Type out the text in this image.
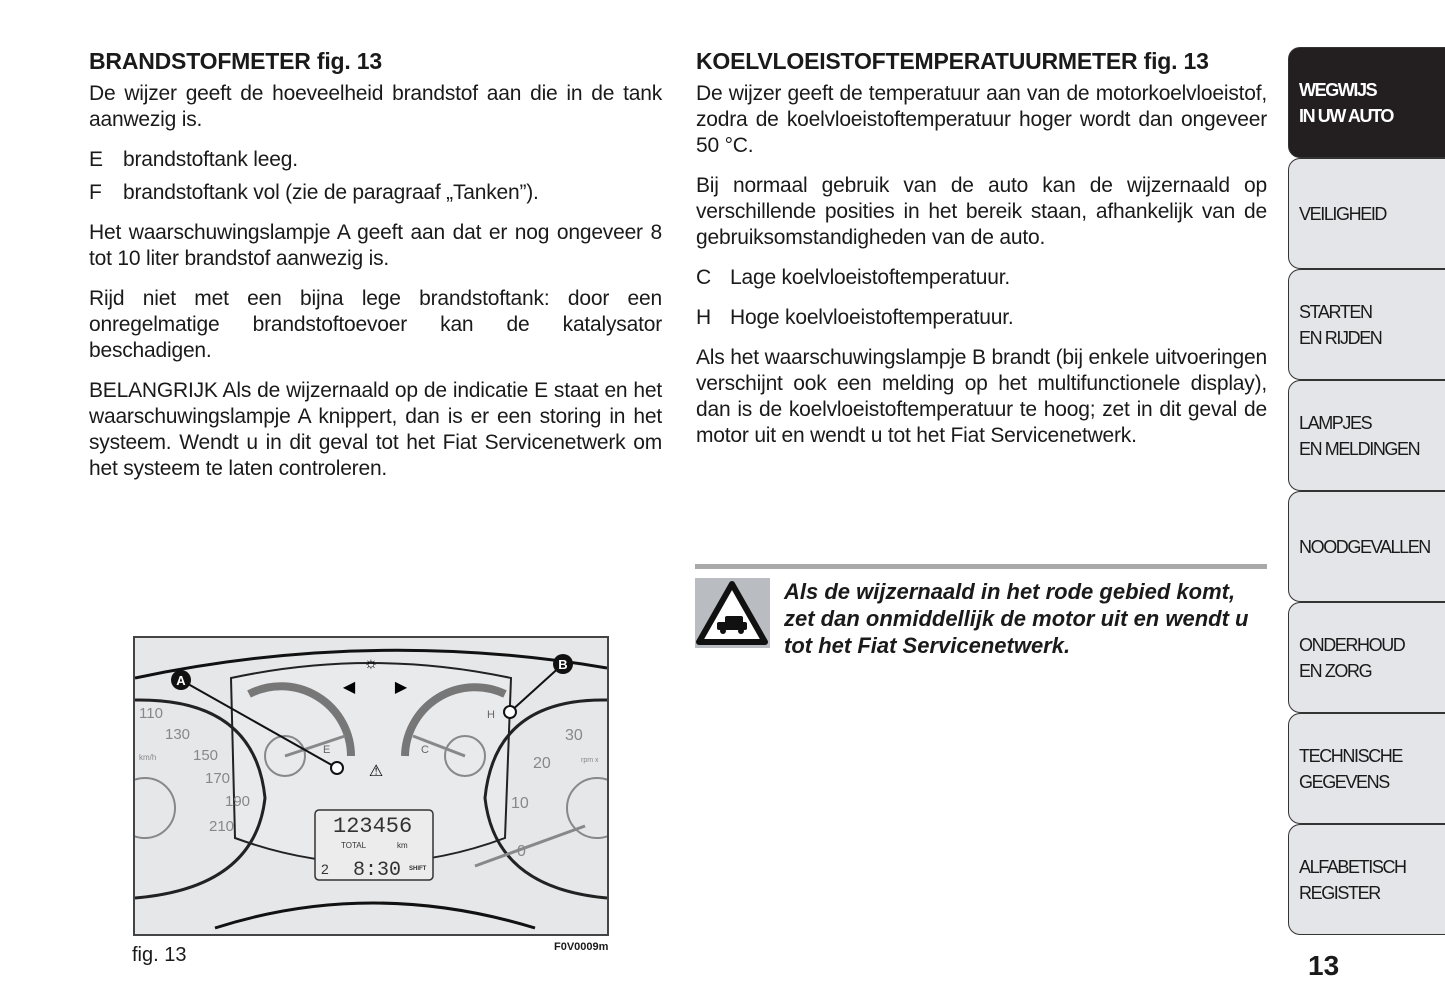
BRANDSTOFMETER fig. 13

De wijzer geeft de hoeveelheid brandstof aan die in de tank aanwezig is.

E brandstoftank leeg.
F	brandstoftank vol (zie de paragraaf „Tanken”).

Het waarschuwingslampje A geeft aan dat er nog ongeveer 8 tot 10 liter brandstof aanwezig is.

Rijd niet met een bijna lege brandstoftank: door een onregelmatige brandstoftoevoer kan de katalysator beschadigen.

BELANGRIJK Als de wijzernaald op de indicatie E staat en het waarschuwingslampje A knippert, dan is er een storing in het systeem. Wendt u in dit geval tot het Fiat Servicenetwerk om het systeem te laten controleren.

KOELVLOEISTOFTEMPERATUURMETER fig. 13

De wijzer geeft de temperatuur aan van de motorkoelvloeistof, zodra de koelvloeistoftemperatuur hoger wordt dan ongeveer 50 °C.

Bij normaal gebruik van de auto kan de wijzernaald op verschillende posities in het bereik staan, afhankelijk van de gebruiksomstandigheden van de auto.

C Lage koelvloeistoftemperatuur.
H Hoge koelvloeistoftemperatuur.

Als het waarschuwingslampje B brandt (bij enkele uitvoeringen verschijnt ook een melding op het multifunctionele display), dan is de koelvloeistoftemperatuur te hoog; zet in dit geval de motor uit en wendt u tot het Fiat Servicenetwerk.

Als de wijzernaald in het rode gebied komt, zet dan onmiddellijk de motor uit en wendt u tot het Fiat Servicenetwerk.
A
B
E	C
H
☼
◀ ▶
⚠
110
130
150
170
190
210
km/h
0
10
20
30
rpm x
123456
TOTAL	km
2 8:30 SHIFT
fig. 13	F0V0009m
WEGWIJS
IN UW AUTO
VEILIGHEID
STARTEN
EN RIJDEN
LAMPJES
EN MELDINGEN
NOODGEVALLEN
ONDERHOUD
EN ZORG
TECHNISCHE
GEGEVENS
ALFABETISCH
REGISTER
13
